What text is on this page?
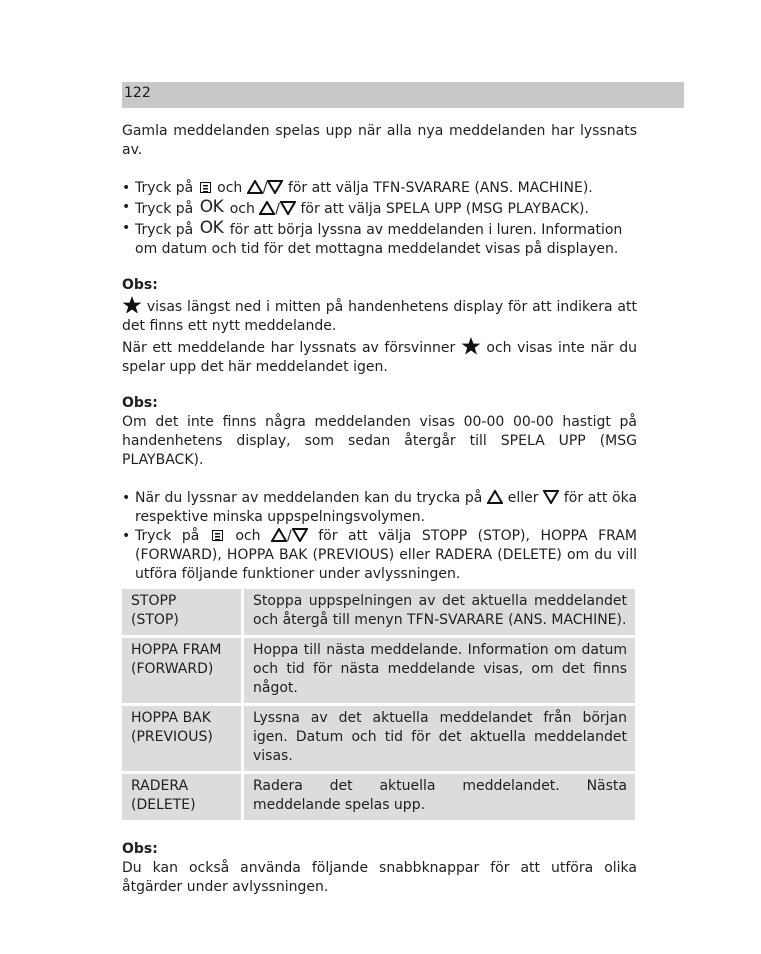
122

Gamla meddelanden spelas upp när alla nya meddelanden har lyssnats av.

• Tryck på och / för att välja TFN-SVARARE (ANS. MACHINE).
• Tryck på OK och / för att välja SPELA UPP (MSG PLAYBACK).
• Tryck på OK för att börja lyssna av meddelanden i luren. Information om datum och tid för det mottagna meddelandet visas på displayen.

Obs:

visas längst ned i mitten på handenhetens display för att indikera att det finns ett nytt meddelande.

När ett meddelande har lyssnats av försvinner och visas inte när du spelar upp det här meddelandet igen.

Obs:

Om det inte finns några meddelanden visas 00-00 00-00 hastigt på handenhetens display, som sedan återgår till SPELA UPP (MSG PLAYBACK).

• När du lyssnar av meddelanden kan du trycka på eller för att öka respektive minska uppspelningsvolymen.
• Tryck på	och / för att välja STOPP (STOP), HOPPA FRAM (FORWARD), HOPPA BAK (PREVIOUS) eller RADERA (DELETE) om du vill utföra följande funktioner under avlyssningen.
STOPP
(STOP)	Stoppa uppspelningen av det aktuella meddelandet och återgå till menyn TFN-SVARARE (ANS. MACHINE).
HOPPA FRAM
(FORWARD)	Hoppa till nästa meddelande. Information om datum och tid för nästa meddelande visas, om det finns något.
HOPPA BAK
(PREVIOUS)	Lyssna av det aktuella meddelandet från början igen. Datum och tid för det aktuella meddelandet visas.
RADERA
(DELETE)	Radera det aktuella meddelandet. Nästa meddelande spelas upp.

Obs:

Du kan också använda följande snabbknappar för att utföra olika åtgärder under avlyssningen.
